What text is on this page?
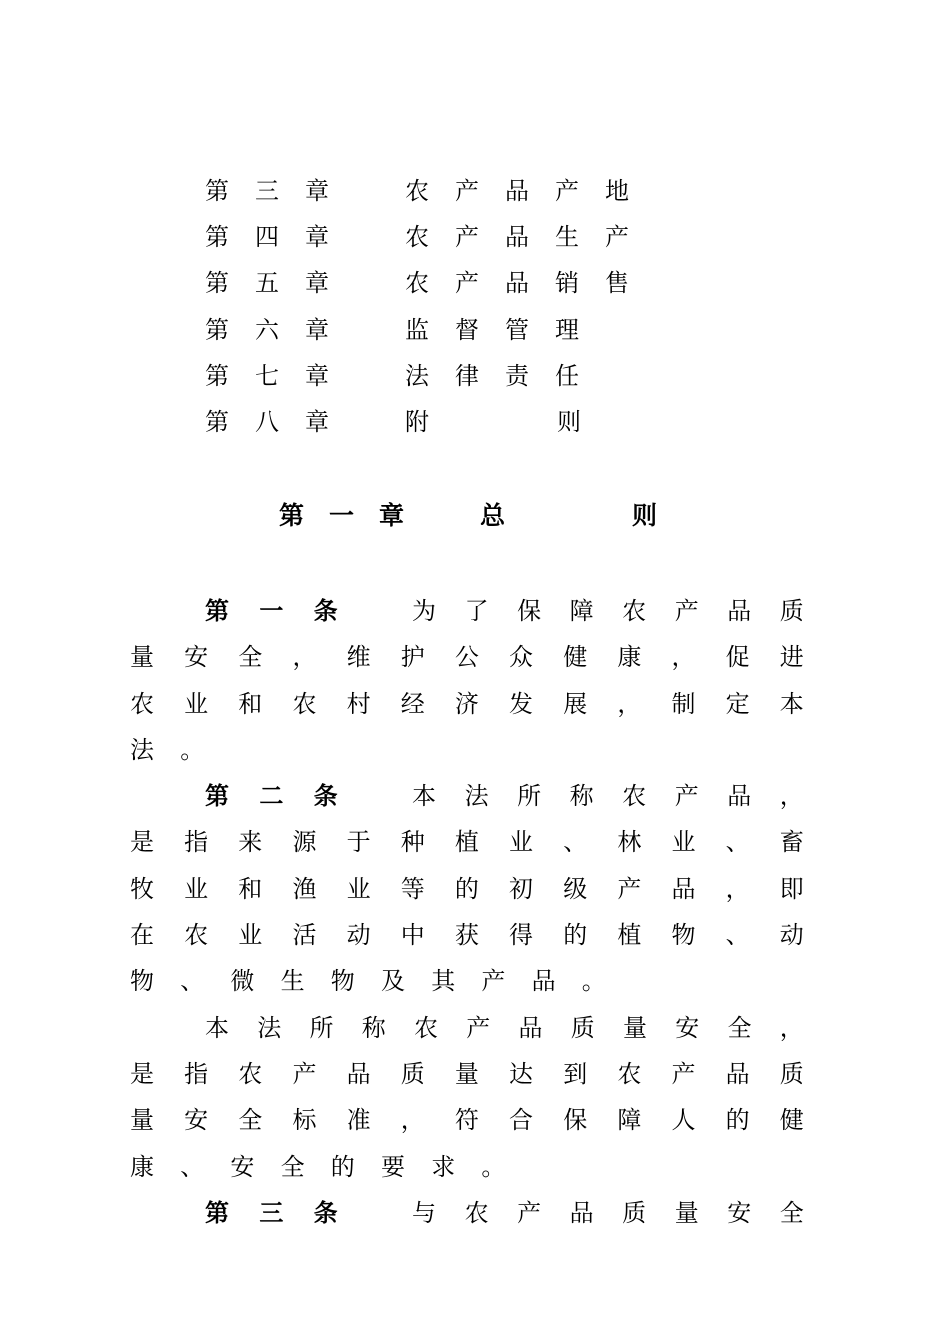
第三章 农产品产地
第四章 农产品生产
第五章 农产品销售
第六章 监督管理
第七章 法律责任
第八章 附则
第一章 总	则

第一条 为了保障农产品质量安全，维护公众健康，促进农业和农村经济发展，制定本法。

第二条 本法所称农产品，是指来源于种植业、林业、畜牧业和渔业等的初级产品，即在农业活动中获得的植物、动物、微生物及其产品。

本法所称农产品质量安全，是指农产品质量达到农产品质量安全标准，符合保障人的健康、安全的要求。

第三条 与农产品质量安全
